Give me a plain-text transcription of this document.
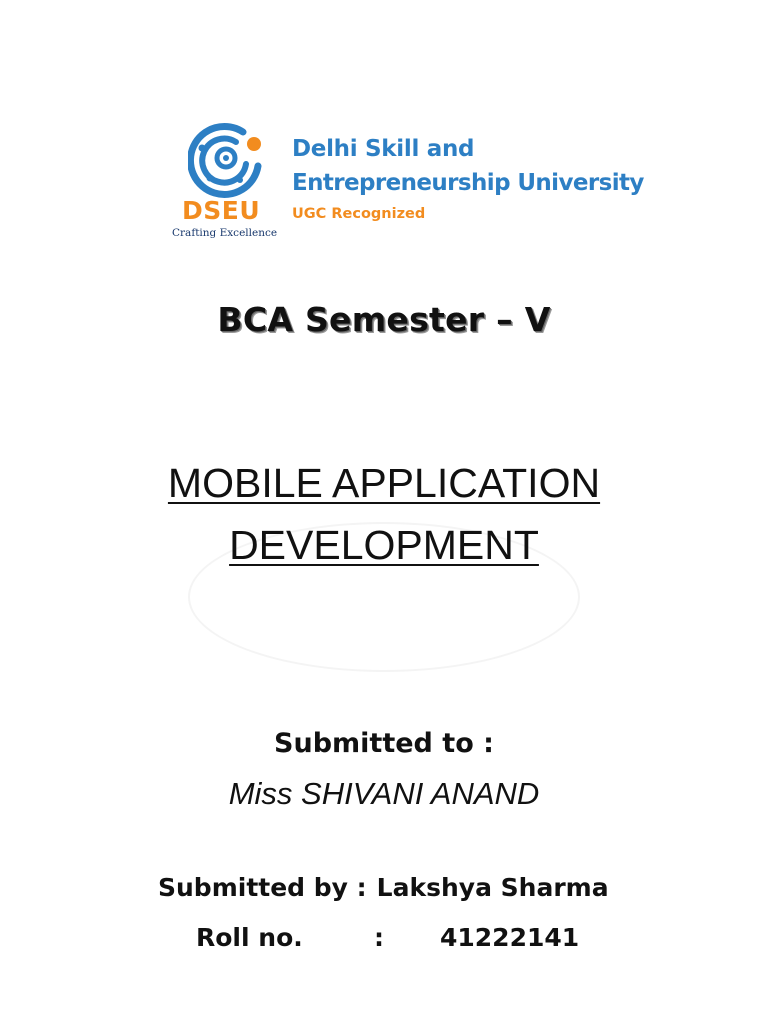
DSEU
Crafting Excellence
Delhi Skill and
Entrepreneurship University
UGC Recognized
BCA Semester – V
MOBILE APPLICATION
DEVELOPMENT
Submitted to :
Miss SHIVANI ANAND
Submitted by : Lakshya Sharma
Roll no.	: 41222141
